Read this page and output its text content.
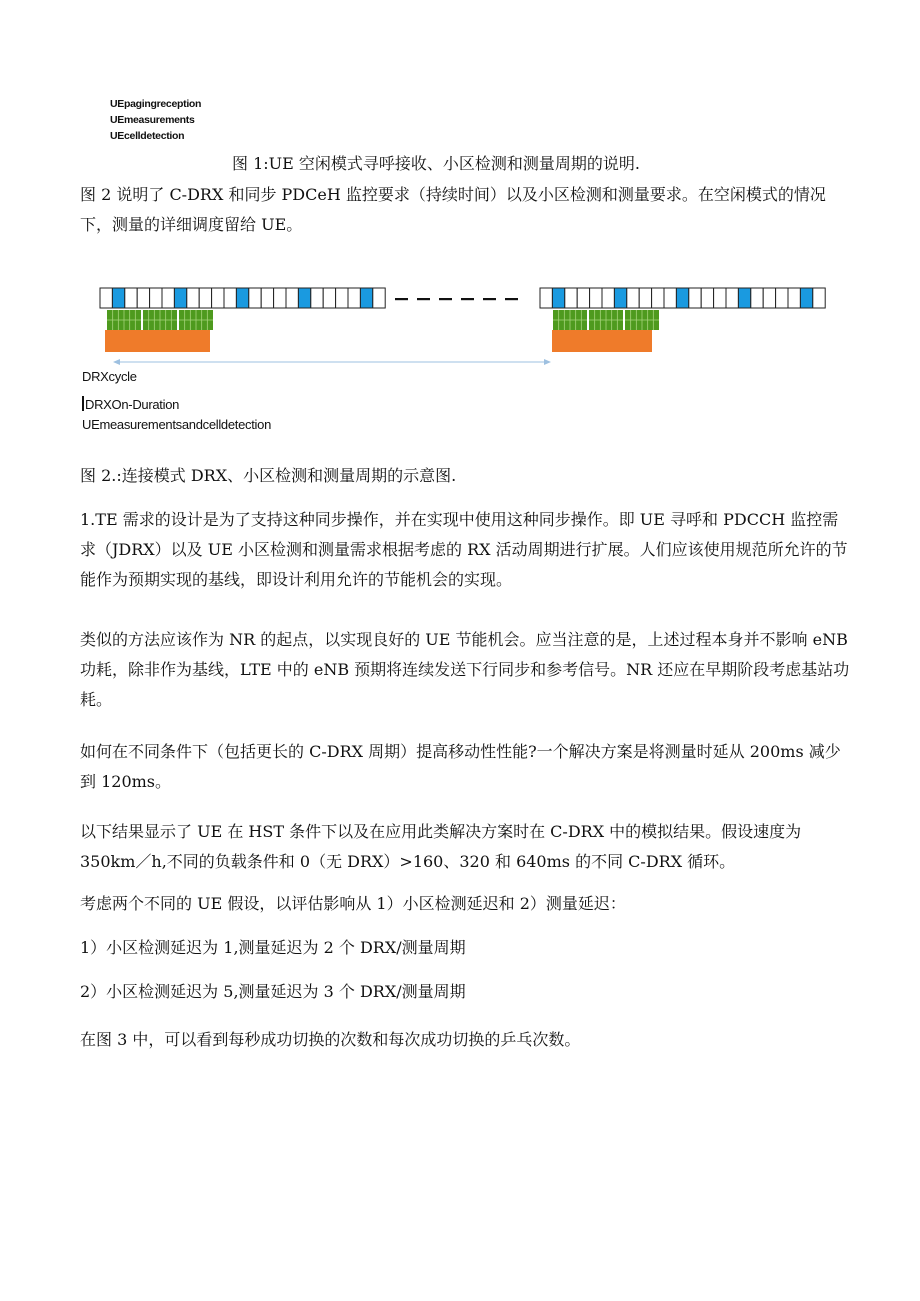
UEpagingreception
UEmeasurements
UEcelldetection
图 1:UE 空闲模式寻呼接收、小区检测和测量周期的说明.
图 2 说明了 C-DRX 和同步 PDCeH 监控要求（持续时间）以及小区检测和测量要求。在空闲模式的情况下，测量的详细调度留给 UE。
DRXcycle
DRXOn-Duration
UEmeasurementsandcelldetection
图 2.:连接模式 DRX、小区检测和测量周期的示意图.
1.TE 需求的设计是为了支持这种同步操作，并在实现中使用这种同步操作。即 UE 寻呼和 PDCCH 监控需求（JDRX）以及 UE 小区检测和测量需求根据考虑的 RX 活动周期进行扩展。人们应该使用规范所允许的节能作为预期实现的基线，即设计利用允许的节能机会的实现。
类似的方法应该作为 NR 的起点，以实现良好的 UE 节能机会。应当注意的是，上述过程本身并不影响 eNB 功耗，除非作为基线，LTE 中的 eNB 预期将连续发送下行同步和参考信号。NR 还应在早期阶段考虑基站功耗。
如何在不同条件下（包括更长的 C-DRX 周期）提高移动性性能?一个解决方案是将测量时延从 200ms 减少到 120ms。
以下结果显示了 UE 在 HST 条件下以及在应用此类解决方案时在 C-DRX 中的模拟结果。假设速度为 350km／h,不同的负载条件和 0（无 DRX）>160、320 和 640ms 的不同 C-DRX 循环。
考虑两个不同的 UE 假设，以评估影响从 1）小区检测延迟和 2）测量延迟：
1）小区检测延迟为 1,测量延迟为 2 个 DRX/测量周期
2）小区检测延迟为 5,测量延迟为 3 个 DRX/测量周期
在图 3 中，可以看到每秒成功切换的次数和每次成功切换的乒乓次数。
